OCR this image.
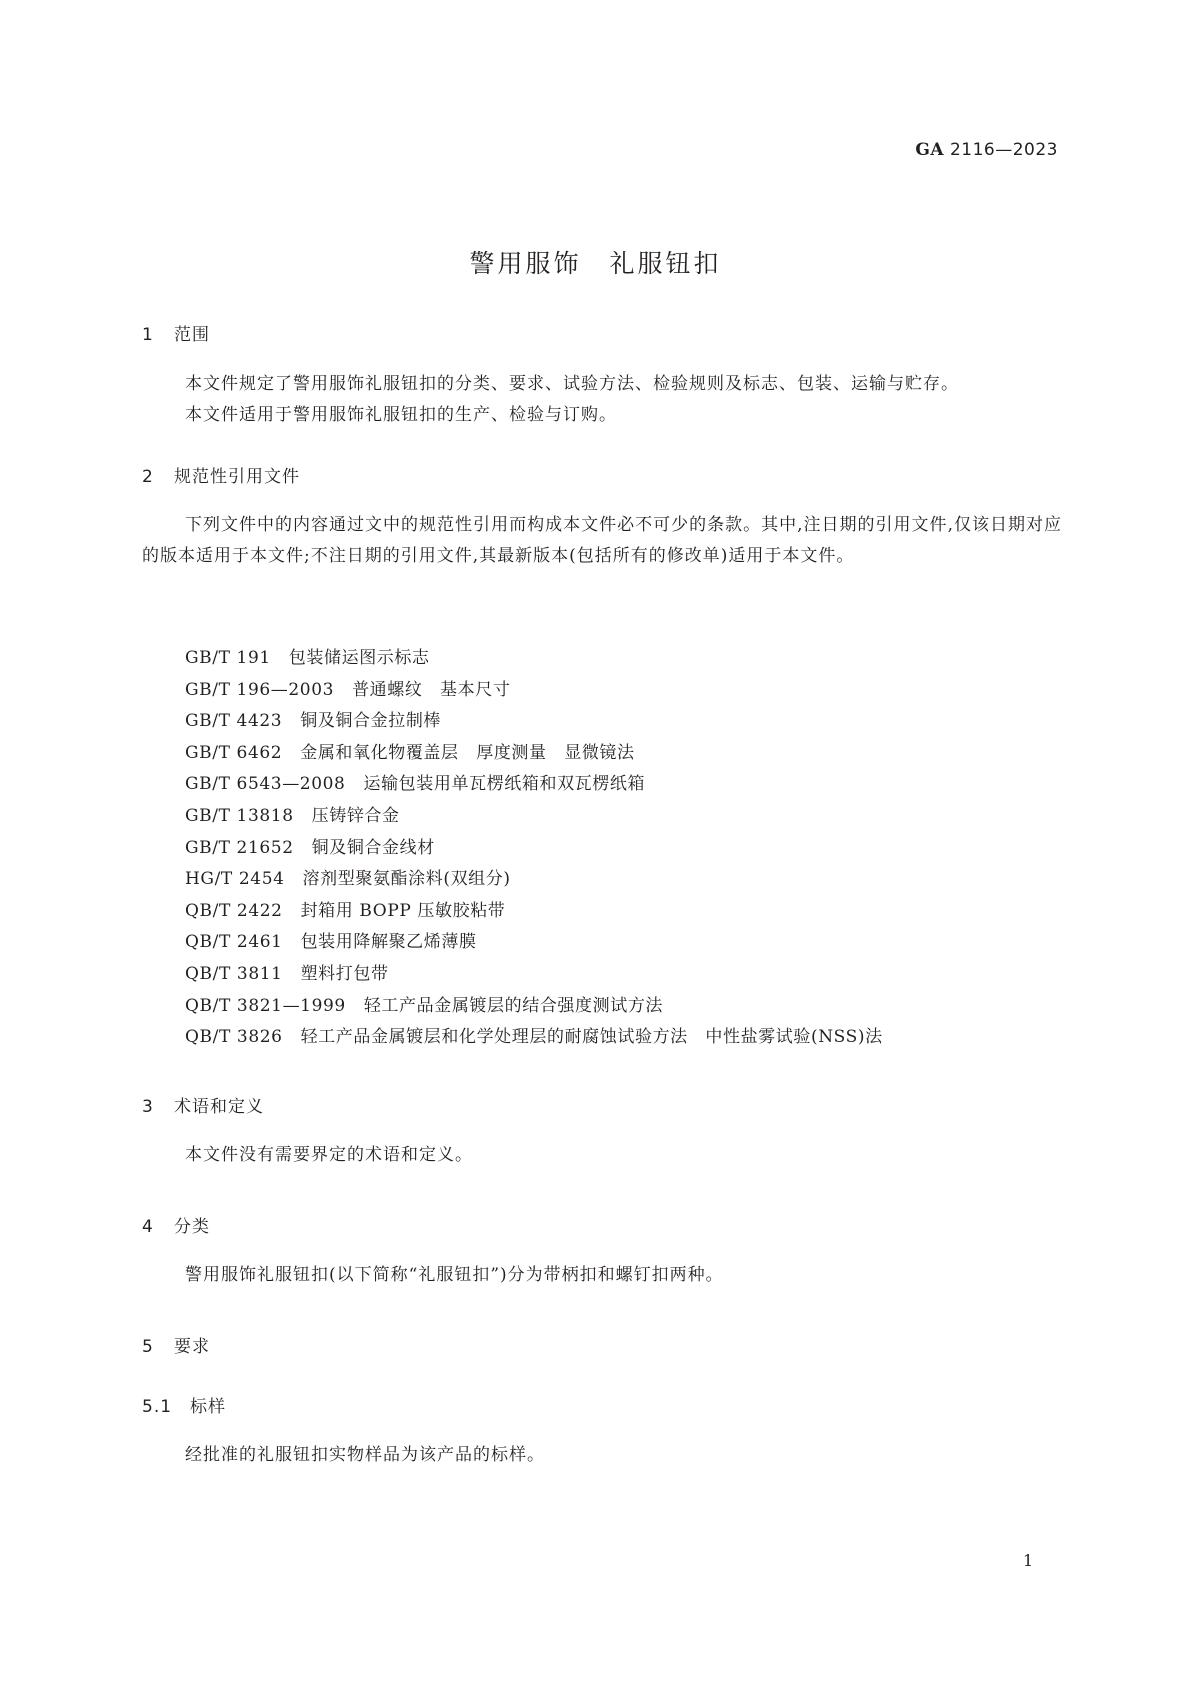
GA 2116—2023
警用服饰　礼服钮扣
1 范围
本文件规定了警用服饰礼服钮扣的分类、要求、试验方法、检验规则及标志、包装、运输与贮存。
本文件适用于警用服饰礼服钮扣的生产、检验与订购。
2 规范性引用文件
下列文件中的内容通过文中的规范性引用而构成本文件必不可少的条款。其中,注日期的引用文件,仅该日期对应的版本适用于本文件;不注日期的引用文件,其最新版本(包括所有的修改单)适用于本文件。
GB/T 191 包装储运图示标志
GB/T 196—2003 普通螺纹　基本尺寸
GB/T 4423 铜及铜合金拉制棒
GB/T 6462 金属和氧化物覆盖层　厚度测量　显微镜法
GB/T 6543—2008 运输包装用单瓦楞纸箱和双瓦楞纸箱
GB/T 13818 压铸锌合金
GB/T 21652 铜及铜合金线材
HG/T 2454 溶剂型聚氨酯涂料(双组分)
QB/T 2422 封箱用 BOPP 压敏胶粘带
QB/T 2461 包装用降解聚乙烯薄膜
QB/T 3811 塑料打包带
QB/T 3821—1999 轻工产品金属镀层的结合强度测试方法
QB/T 3826 轻工产品金属镀层和化学处理层的耐腐蚀试验方法　中性盐雾试验(NSS)法
3 术语和定义
本文件没有需要界定的术语和定义。
4 分类
警用服饰礼服钮扣(以下简称“礼服钮扣”)分为带柄扣和螺钉扣两种。
5 要求
5.1 标样
经批准的礼服钮扣实物样品为该产品的标样。
1
